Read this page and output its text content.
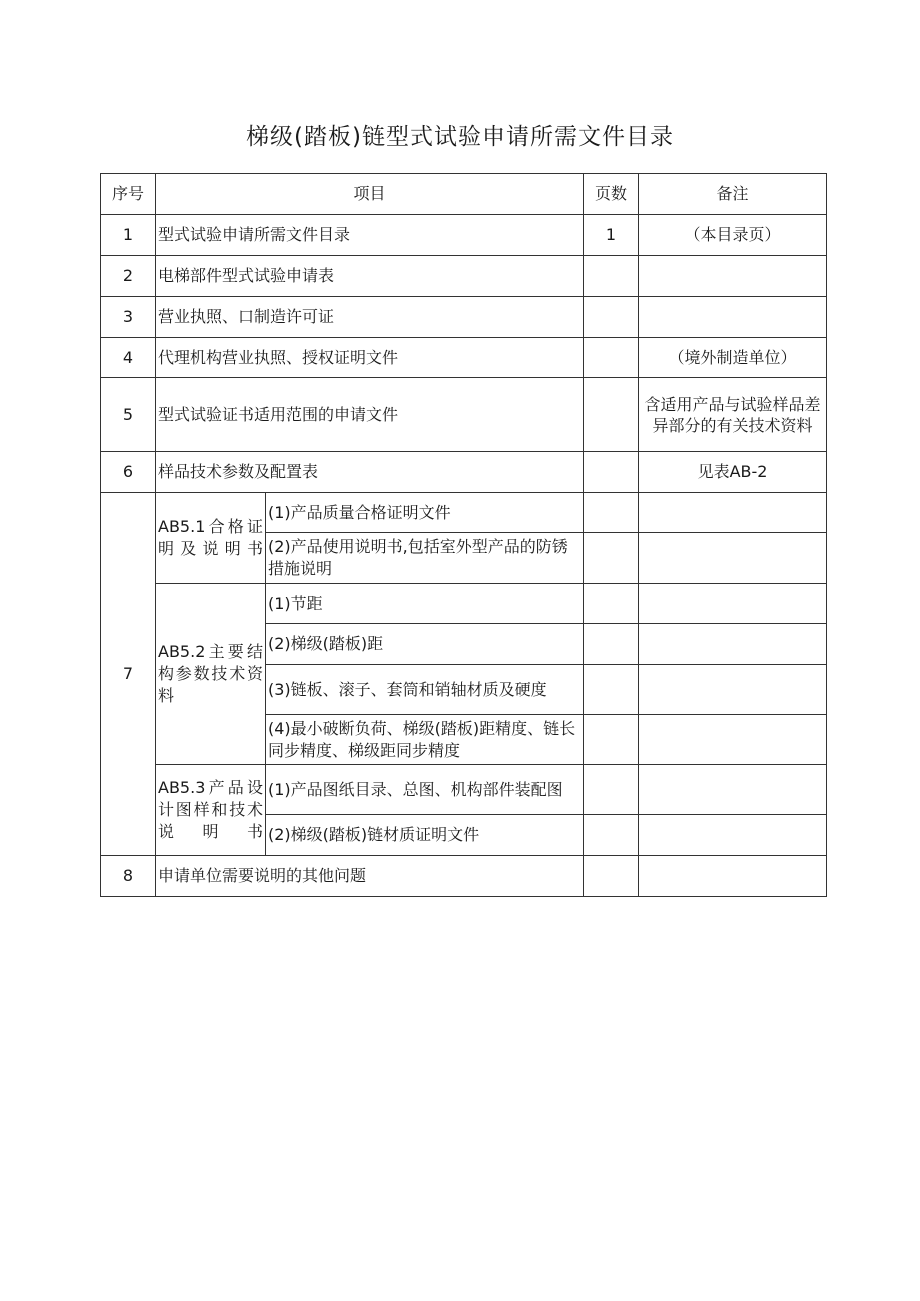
梯级(踏板)链型式试验申请所需文件目录
序号	项目		页数	备注
1	型式试验申请所需文件目录		1	（本目录页）
2	电梯部件型式试验申请表			
3	营业执照、口制造许可证			
4	代理机构营业执照、授权证明文件			（境外制造单位）
5	型式试验证书适用范围的申请文件			含适用产品与试验样品差异部分的有关技术资料
6	样品技术参数及配置表			见表AB-2
7	AB5.1合格证明及说明书	(1)产品质量合格证明文件		
		(2)产品使用说明书,包括室外型产品的防锈措施说明		
	AB5.2主要结构参数技术资料	(1)节距		
		(2)梯级(踏板)距		
		(3)链板、滚子、套筒和销轴材质及硬度		
		(4)最小破断负荷、梯级(踏板)距精度、链长同步精度、梯级距同步精度		
	AB5.3产品设计图样和技术说明书	(1)产品图纸目录、总图、机构部件装配图		
		(2)梯级(踏板)链材质证明文件		
8	申请单位需要说明的其他问题			
